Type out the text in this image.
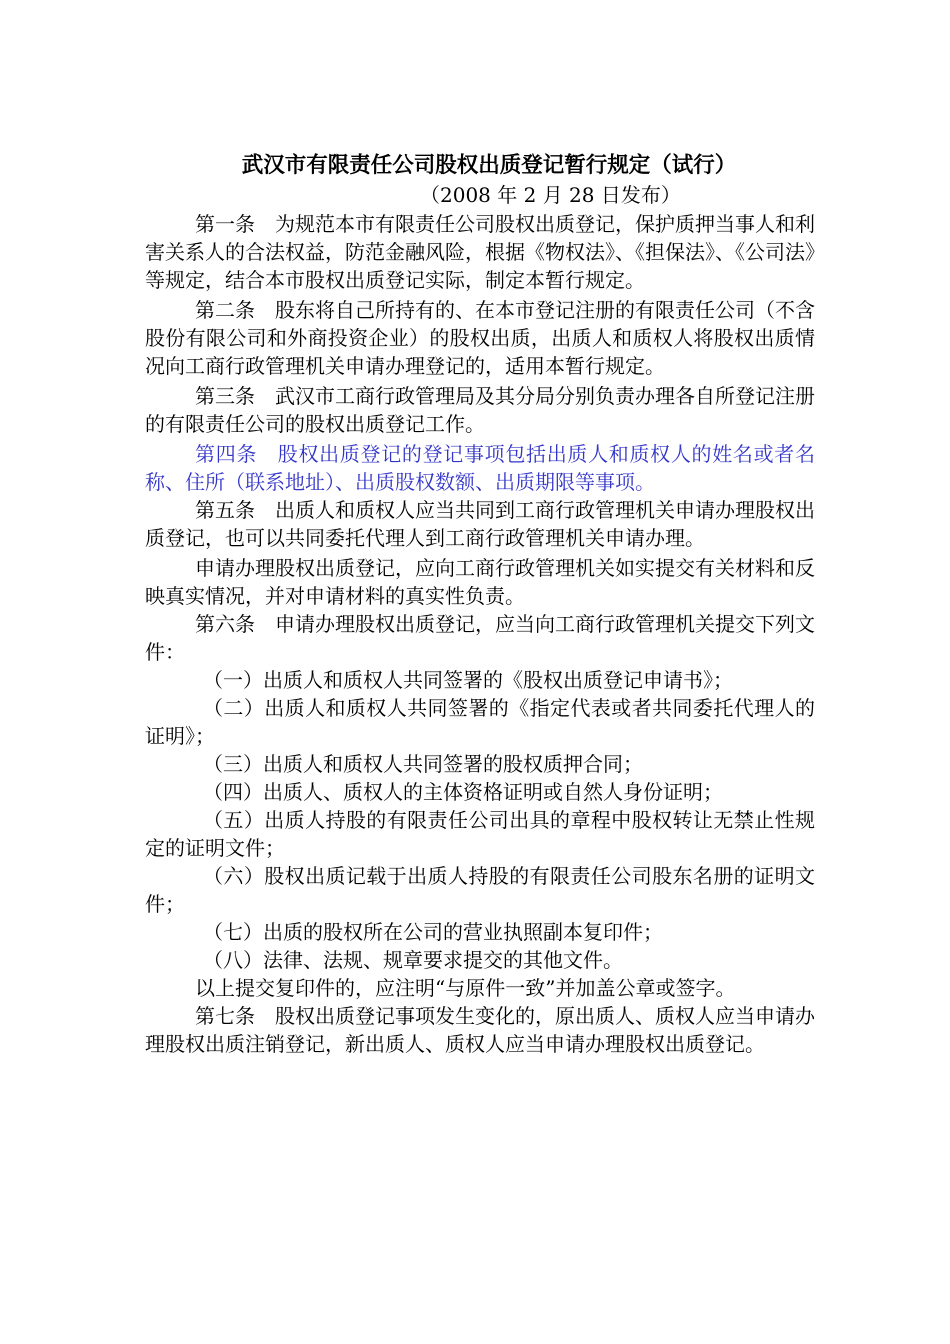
武汉市有限责任公司股权出质登记暂行规定（试行）
（2008 年 2 月 28 日发布）

第一条　为规范本市有限责任公司股权出质登记，保护质押当事人和利害关系人的合法权益，防范金融风险，根据《物权法》、《担保法》、《公司法》等规定，结合本市股权出质登记实际，制定本暂行规定。

第二条　股东将自己所持有的、在本市登记注册的有限责任公司（不含股份有限公司和外商投资企业）的股权出质，出质人和质权人将股权出质情况向工商行政管理机关申请办理登记的，适用本暂行规定。

第三条　武汉市工商行政管理局及其分局分别负责办理各自所登记注册的有限责任公司的股权出质登记工作。

第四条　股权出质登记的登记事项包括出质人和质权人的姓名或者名称、住所（联系地址）、出质股权数额、出质期限等事项。

第五条　出质人和质权人应当共同到工商行政管理机关申请办理股权出质登记，也可以共同委托代理人到工商行政管理机关申请办理。

申请办理股权出质登记，应向工商行政管理机关如实提交有关材料和反映真实情况，并对申请材料的真实性负责。

第六条　申请办理股权出质登记，应当向工商行政管理机关提交下列文件：

（一）出质人和质权人共同签署的《股权出质登记申请书》；

（二）出质人和质权人共同签署的《指定代表或者共同委托代理人的证明》；

（三）出质人和质权人共同签署的股权质押合同；

（四）出质人、质权人的主体资格证明或自然人身份证明；

（五）出质人持股的有限责任公司出具的章程中股权转让无禁止性规定的证明文件；

（六）股权出质记载于出质人持股的有限责任公司股东名册的证明文件；

（七）出质的股权所在公司的营业执照副本复印件；

（八）法律、法规、规章要求提交的其他文件。

以上提交复印件的，应注明“与原件一致”并加盖公章或签字。

第七条　股权出质登记事项发生变化的，原出质人、质权人应当申请办理股权出质注销登记，新出质人、质权人应当申请办理股权出质登记。
